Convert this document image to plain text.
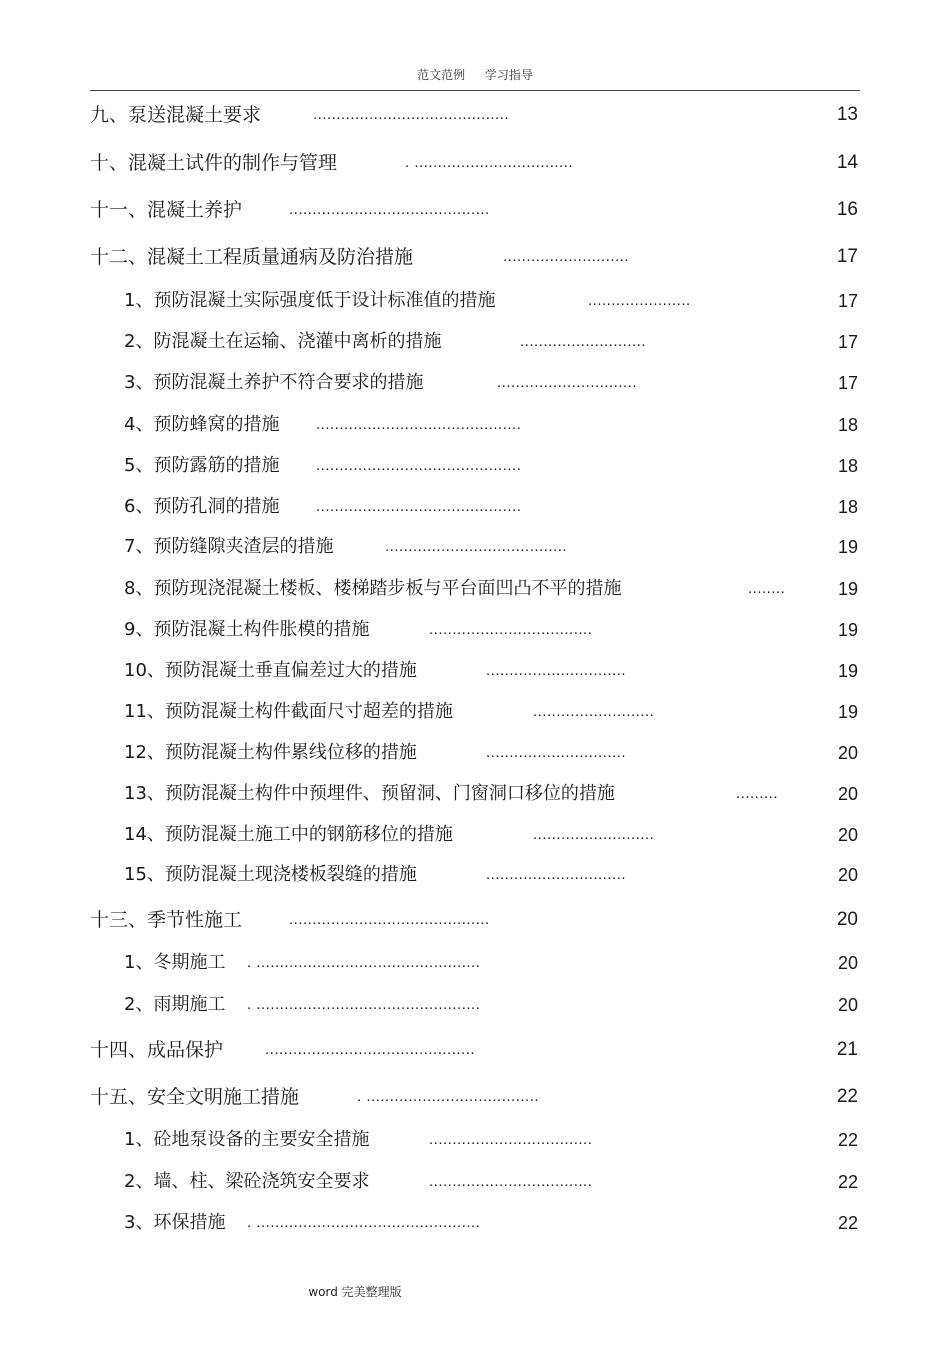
范文范例 学习指导
九、泵送混凝土要求	..........................................	13
十、混凝土试件的制作与管理	. ..................................	14
十一、混凝土养护	...........................................	16
十二、混凝土工程质量通病及防治措施	...........................	17
1、预防混凝土实际强度低于设计标准值的措施	......................	17
2、防混凝土在运输、浇灌中离析的措施	...........................	17
3、预防混凝土养护不符合要求的措施	..............................	17
4、预防蜂窝的措施 ............................................	18
5、预防露筋的措施 ............................................	18
6、预防孔洞的措施 ............................................	18
7、预防缝隙夹渣层的措施	.......................................	19
8、预防现浇混凝土楼板、楼梯踏步板与平台面凹凸不平的措施	........	19
9、预防混凝土构件胀模的措施	...................................	19
10、预防混凝土垂直偏差过大的措施	..............................	19
11、预防混凝土构件截面尺寸超差的措施	..........................	19
12、预防混凝土构件累线位移的措施	..............................	20
13、预防混凝土构件中预埋件、预留洞、门窗洞口移位的措施	.........	20
14、预防混凝土施工中的钢筋移位的措施	..........................	20
15、预防混凝土现浇楼板裂缝的措施	..............................	20
十三、季节性施工	...........................................	20
1、冬期施工 . ................................................	20
2、雨期施工 . ................................................	20
十四、成品保护	.............................................	21
十五、安全文明施工措施	. .....................................	22
1、砼地泵设备的主要安全措施	...................................	22
2、墙、柱、梁砼浇筑安全要求	...................................	22
3、环保措施 . ................................................	22
word 完美整理版
